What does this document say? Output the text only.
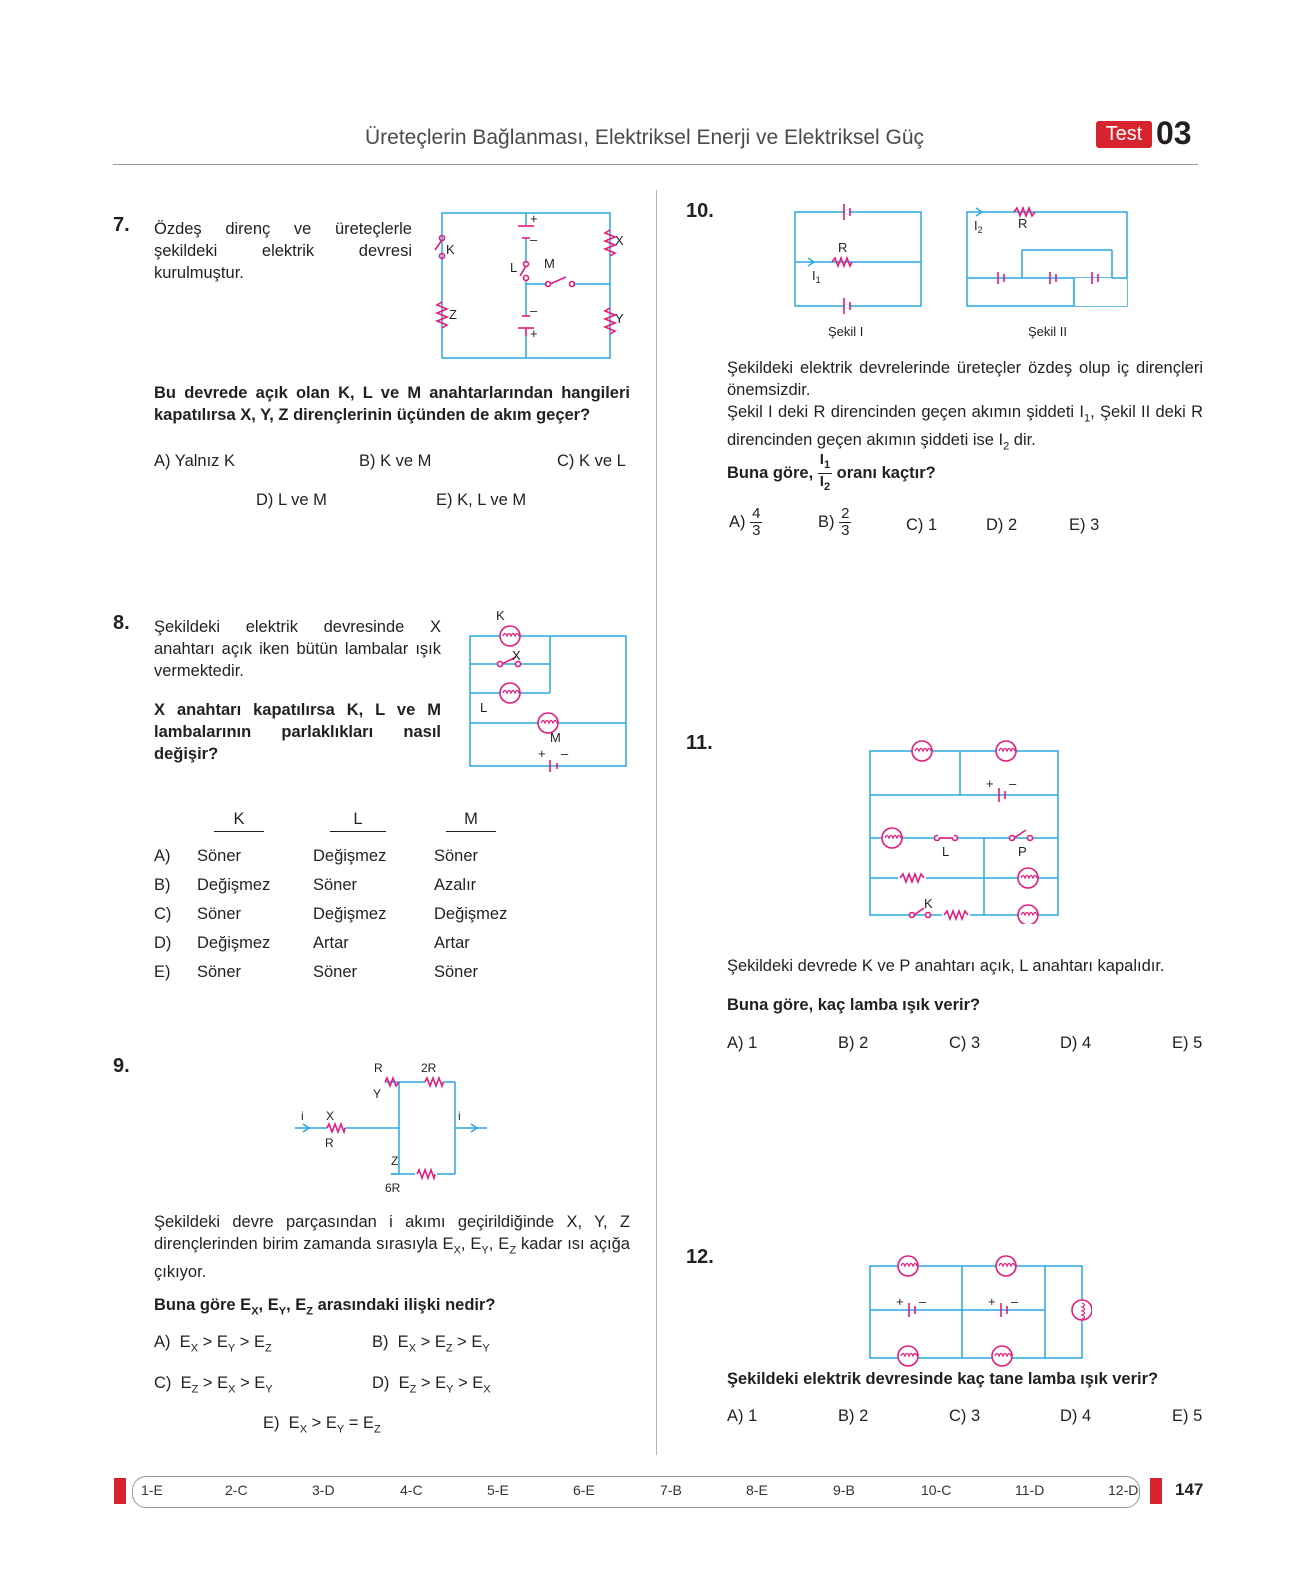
Üreteçlerin Bağlanması, Elektriksel Enerji ve Elektriksel Güç	Test 03
7. Özdeş direnç ve üreteçlerle şekildeki elektrik devresi kurulmuştur.
+
–
–
+
X
Y
Z
K
L M
Bu devrede açık olan K, L ve M anahtarlarından hangileri kapatılırsa X, Y, Z dirençlerinin üçünden de akım geçer?
A) Yalnız K	B) K ve M	C) K ve L
D) L ve M	E) K, L ve M
8. Şekildeki elektrik devresinde X anahtarı açık iken bütün lambalar ışık vermektedir.
X anahtarı kapatılırsa K, L ve M lambalarının parlaklıkları nasıl değişir?
K
X
L
M
+ –
K	L	M
A) Söner	Değişmez	Söner
B) Değişmez	Söner	Azalır
C) Söner	Değişmez	Değişmez
D) Değişmez	Artar	Artar
E) Söner	Söner	Söner
9.
i X
R
R
Y
2R
i
Z
6R
Şekildeki devre parçasından i akımı geçirildiğinde X, Y, Z dirençlerinden birim zamanda sırasıyla $E_X$, $E_Y$, $E_Z$ kadar ısı açığa çıkıyor.
Buna göre $E_X$, $E_Y$, $E_Z$ arasındaki ilişki nedir?
A)  $E_X > E_Y > E_Z$	B)  $E_X > E_Z > E_Y$
C)  $E_Z > E_X > E_Y$	D)  $E_Z > E_Y > E_X$
E)  $E_X > E_Y = E_Z$
10.
R
$I_1$
Şekil I
$I_2$	R
Şekil II
Şekildeki elektrik devrelerinde üreteçler özdeş olup iç dirençleri önemsizdir.
Şekil I deki R direncinden geçen akımın şiddeti $I_1$, Şekil II deki R direncinden geçen akımın şiddeti ise $I_2$ dir.
Buna göre, $\frac{I_1}{I_2}$ oranı kaçtır?
$A) \frac{4}{3}$	$B) \frac{2}{3}$	C) 1	D) 2	E) 3
11.
+ –
L	P
K
Şekildeki devrede K ve P anahtarı açık, L anahtarı kapalıdır.
Buna göre, kaç lamba ışık verir?
A) 1	B) 2	C) 3	D) 4	E) 5
12.
+ –	+ –
Şekildeki elektrik devresinde kaç tane lamba ışık verir?
A) 1	B) 2	C) 3	D) 4	E) 5
1-E	2-C	3-D	4-C	5-E	6-E	7-B	8-E	9-B	10-C	11-D	12-D 147
